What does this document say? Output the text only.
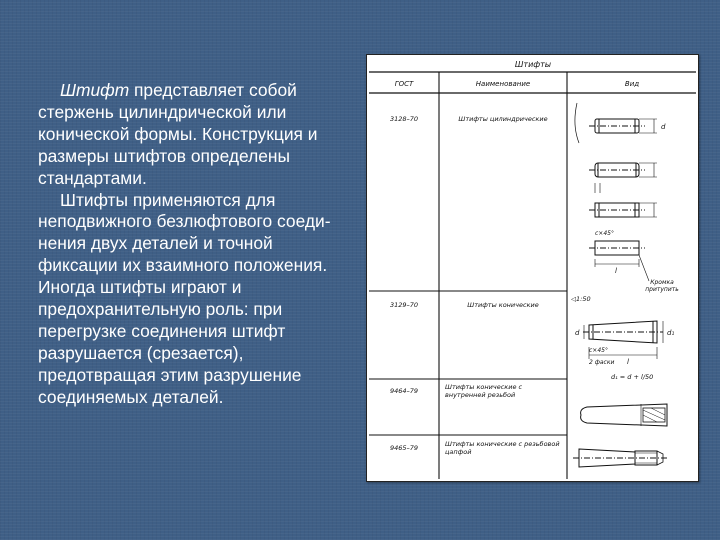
Штифт представляет собой стержень цилиндрической или конической формы. Конструкция и размеры штифтов определены стандартами.

Штифты применяются для неподвижного безлюфтового соеди-нения двух деталей и точной фиксации их взаимного положения. Иногда штифты играют и предохранительную роль: при перегрузке соединения штифт разрушается (срезается), предотвращая этим разрушение соединяемых деталей.

Штифты
ГОСТ	Наименование	Вид
3128–70	Штифты цилиндрические
3129–70	Штифты конические
9464–79	Штифты конические с внутренней резьбой
9465–79	Штифты конические с резьбовой цапфой
d
l
c×45°
Кромка притупить
◁1:50
d	d₁
c×45°
2 фаски l
d₁ = d + l/50
